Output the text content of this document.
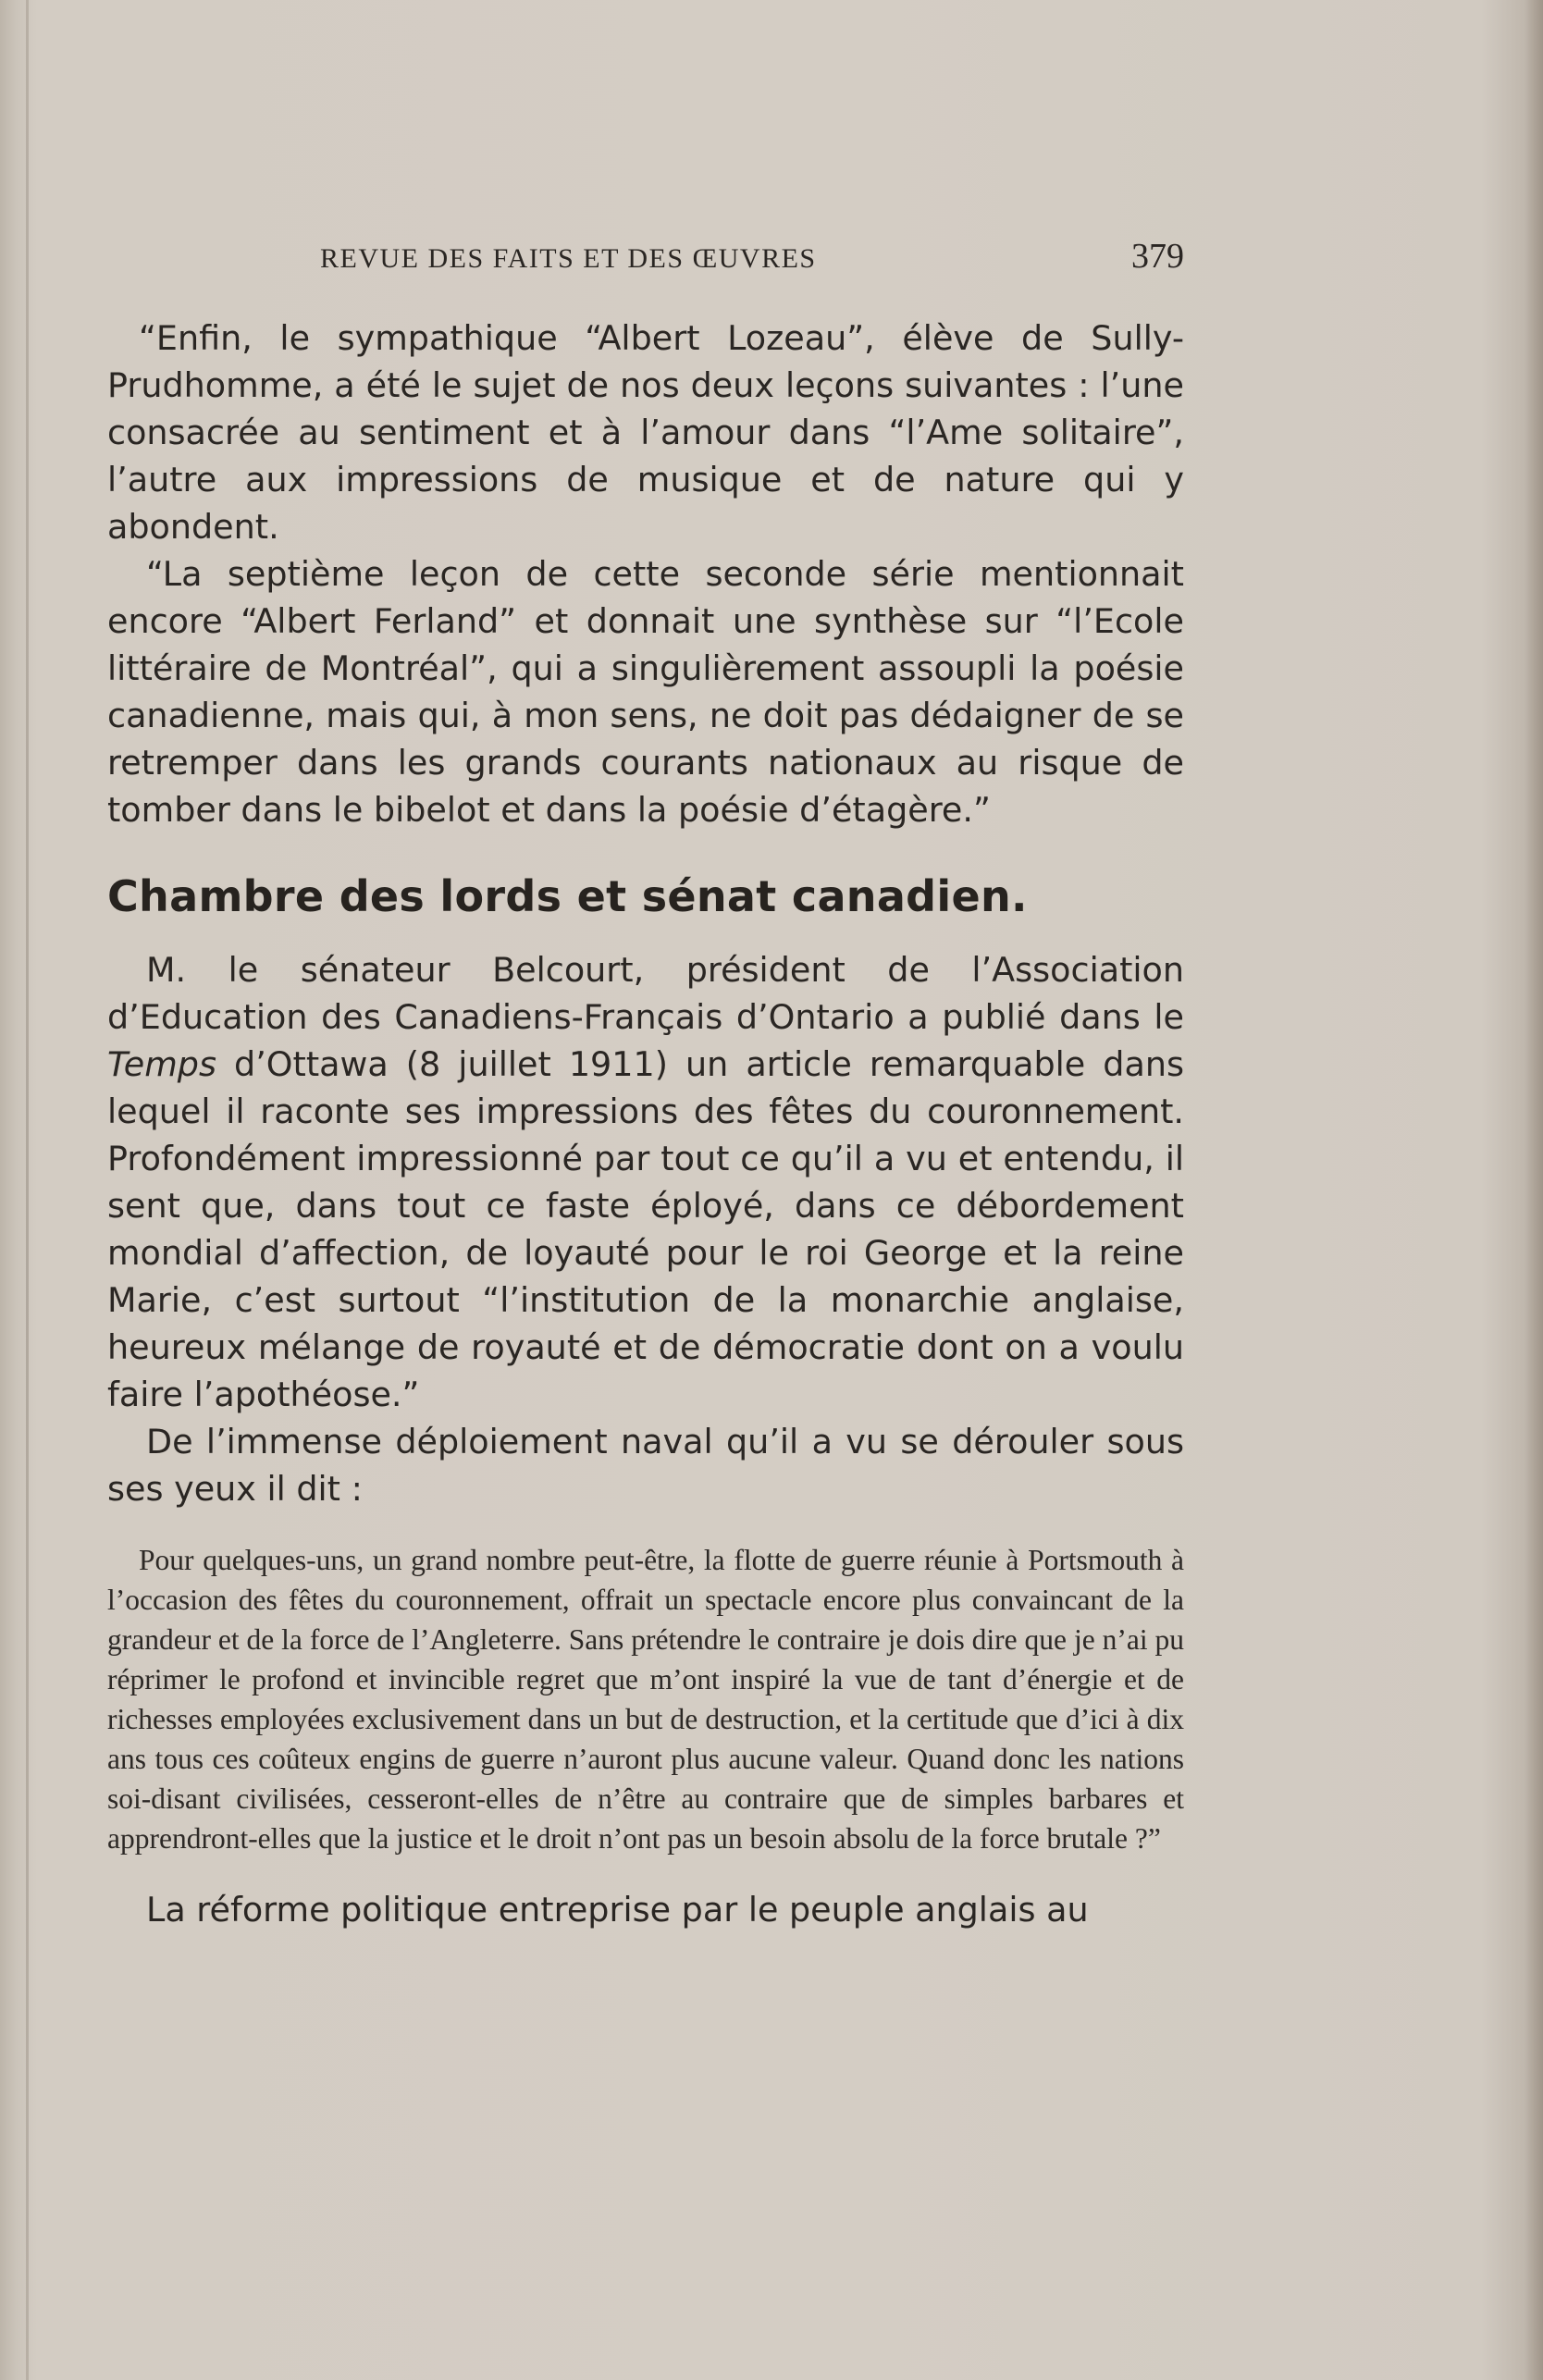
REVUE DES FAITS ET DES ŒUVRES	379

“Enfin, le sympathique “Albert Lozeau”, élève de Sully-Prudhomme, a été le sujet de nos deux leçons suivantes : l’une consacrée au sentiment et à l’amour dans “l’Ame solitaire”, l’autre aux impressions de musique et de nature qui y abondent.

“La septième leçon de cette seconde série mentionnait encore “Albert Ferland” et donnait une synthèse sur “l’Ecole littéraire de Montréal”, qui a singulièrement assoupli la poésie canadienne, mais qui, à mon sens, ne doit pas dédaigner de se retremper dans les grands courants nationaux au risque de tomber dans le bibelot et dans la poésie d’étagère.”

Chambre des lords et sénat canadien.

M. le sénateur Belcourt, président de l’Association d’Education des Canadiens-Français d’Ontario a publié dans le Temps d’Ottawa (8 juillet 1911) un article remarquable dans lequel il raconte ses impressions des fêtes du couronnement. Profondément impressionné par tout ce qu’il a vu et entendu, il sent que, dans tout ce faste éployé, dans ce débordement mondial d’affection, de loyauté pour le roi George et la reine Marie, c’est surtout “l’institution de la monarchie anglaise, heureux mélange de royauté et de démocratie dont on a voulu faire l’apothéose.”

De l’immense déploiement naval qu’il a vu se dérouler sous ses yeux il dit :

Pour quelques-uns, un grand nombre peut-être, la flotte de guerre réunie à Portsmouth à l’occasion des fêtes du couronnement, offrait un spectacle encore plus convaincant de la grandeur et de la force de l’Angleterre. Sans prétendre le contraire je dois dire que je n’ai pu réprimer le profond et invincible regret que m’ont inspiré la vue de tant d’énergie et de richesses employées exclusivement dans un but de destruction, et la certitude que d’ici à dix ans tous ces coûteux engins de guerre n’auront plus aucune valeur. Quand donc les nations soi-disant civilisées, cesseront-elles de n’être au contraire que de simples barbares et apprendront-elles que la justice et le droit n’ont pas un besoin absolu de la force brutale ?”

La réforme politique entreprise par le peuple anglais au
